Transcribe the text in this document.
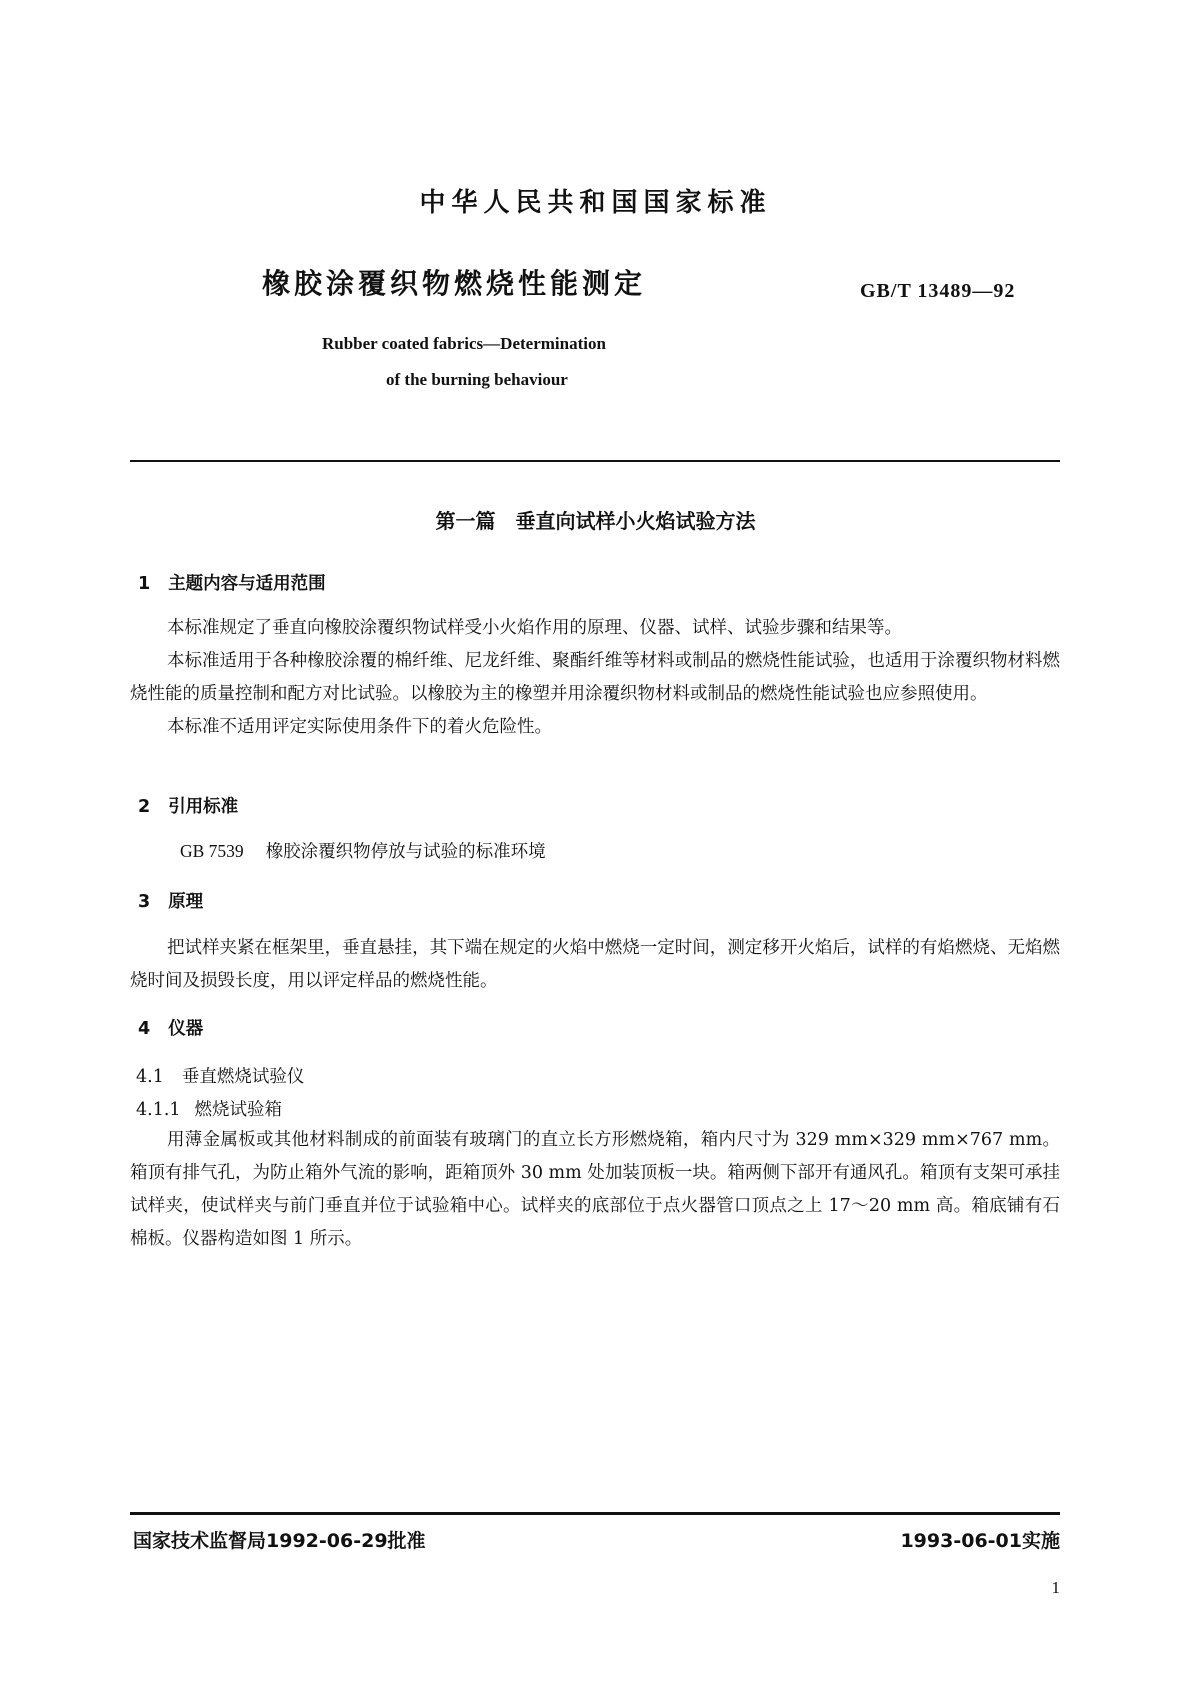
中华人民共和国国家标准
橡胶涂覆织物燃烧性能测定	GB/T 13489—92
Rubber coated fabrics—Determination
of the burning behaviour
第一篇　垂直向试样小火焰试验方法
1 主题内容与适用范围

本标准规定了垂直向橡胶涂覆织物试样受小火焰作用的原理、仪器、试样、试验步骤和结果等。

本标准适用于各种橡胶涂覆的棉纤维、尼龙纤维、聚酯纤维等材料或制品的燃烧性能试验，也适用于涂覆织物材料燃烧性能的质量控制和配方对比试验。以橡胶为主的橡塑并用涂覆织物材料或制品的燃烧性能试验也应参照使用。

本标准不适用评定实际使用条件下的着火危险性。

2 引用标准
GB 7539 橡胶涂覆织物停放与试验的标准环境
3 原理

把试样夹紧在框架里，垂直悬挂，其下端在规定的火焰中燃烧一定时间，测定移开火焰后，试样的有焰燃烧、无焰燃烧时间及损毁长度，用以评定样品的燃烧性能。

4 仪器
4.1 垂直燃烧试验仪
4.1.1 燃烧试验箱

用薄金属板或其他材料制成的前面装有玻璃门的直立长方形燃烧箱，箱内尺寸为 329 mm×329 mm×767 mm。箱顶有排气孔，为防止箱外气流的影响，距箱顶外 30 mm 处加装顶板一块。箱两侧下部开有通风孔。箱顶有支架可承挂试样夹，使试样夹与前门垂直并位于试验箱中心。试样夹的底部位于点火器管口顶点之上 17～20 mm 高。箱底铺有石棉板。仪器构造如图 1 所示。

国家技术监督局1992-06-29批准	1993-06-01实施
1
